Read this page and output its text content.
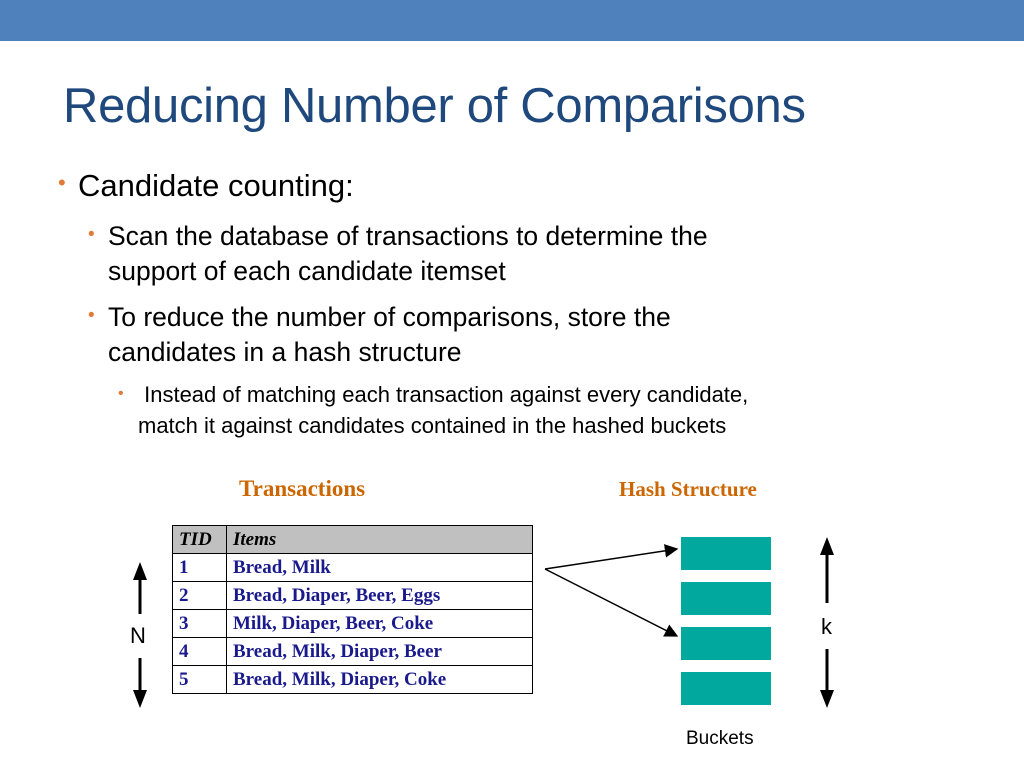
Reducing Number of Comparisons
• Candidate counting:
• Scan the database of transactions to determine the
support of each candidate itemset
• To reduce the number of comparisons, store the
candidates in a hash structure
• Instead of matching each transaction against every candidate,
match it against candidates contained in the hashed buckets
Transactions	Hash Structure
TID	Items
1	Bread, Milk
2	Bread, Diaper, Beer, Eggs
3	Milk, Diaper, Beer, Coke
4	Bread, Milk, Diaper, Beer
5	Bread, Milk, Diaper, Coke
N	k
Buckets
